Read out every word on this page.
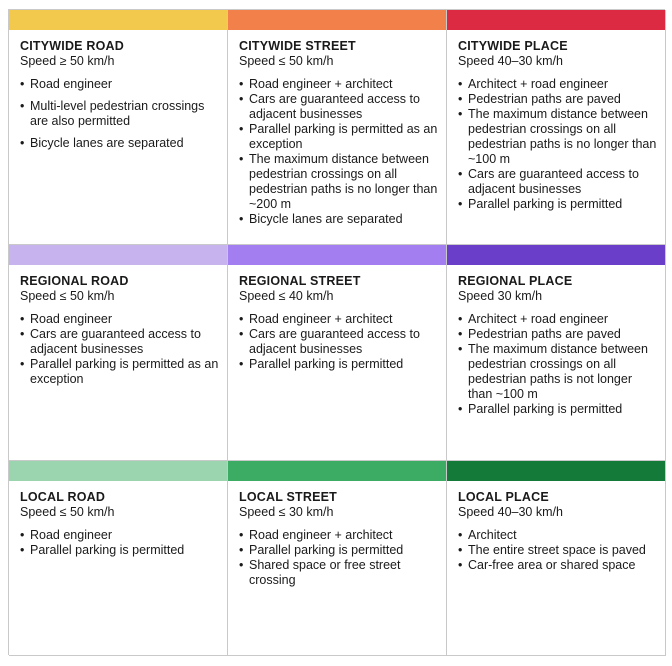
CITYWIDE ROAD
Speed ≥ 50 km/h
• Road engineer
• Multi-level pedestrian crossings are also permitted
• Bicycle lanes are separated
CITYWIDE STREET
Speed ≤ 50 km/h
• Road engineer + architect
• Cars are guaranteed access to adjacent businesses
• Parallel parking is permitted as an exception
• The maximum distance between pedestrian crossings on all pedestrian paths is no longer than ~200 m
• Bicycle lanes are separated
CITYWIDE PLACE
Speed 40–30 km/h
• Architect + road engineer
• Pedestrian paths are paved
• The maximum distance between pedestrian crossings on all pedestrian paths is no longer than ~100 m
• Cars are guaranteed access to adjacent businesses
• Parallel parking is permitted
REGIONAL ROAD
Speed ≤ 50 km/h
• Road engineer
• Cars are guaranteed access to adjacent businesses
• Parallel parking is permitted as an exception
REGIONAL STREET
Speed ≤ 40 km/h
• Road engineer + architect
• Cars are guaranteed access to adjacent businesses
• Parallel parking is permitted
REGIONAL PLACE
Speed 30 km/h
• Architect + road engineer
• Pedestrian paths are paved
• The maximum distance between pedestrian crossings on all pedestrian paths is not longer than ~100 m
• Parallel parking is permitted
LOCAL ROAD
Speed ≤ 50 km/h
• Road engineer
• Parallel parking is permitted
LOCAL STREET
Speed ≤ 30 km/h
• Road engineer + architect
• Parallel parking is permitted
• Shared space or free street crossing
LOCAL PLACE
Speed 40–30 km/h
• Architect
• The entire street space is paved
• Car-free area or shared space
